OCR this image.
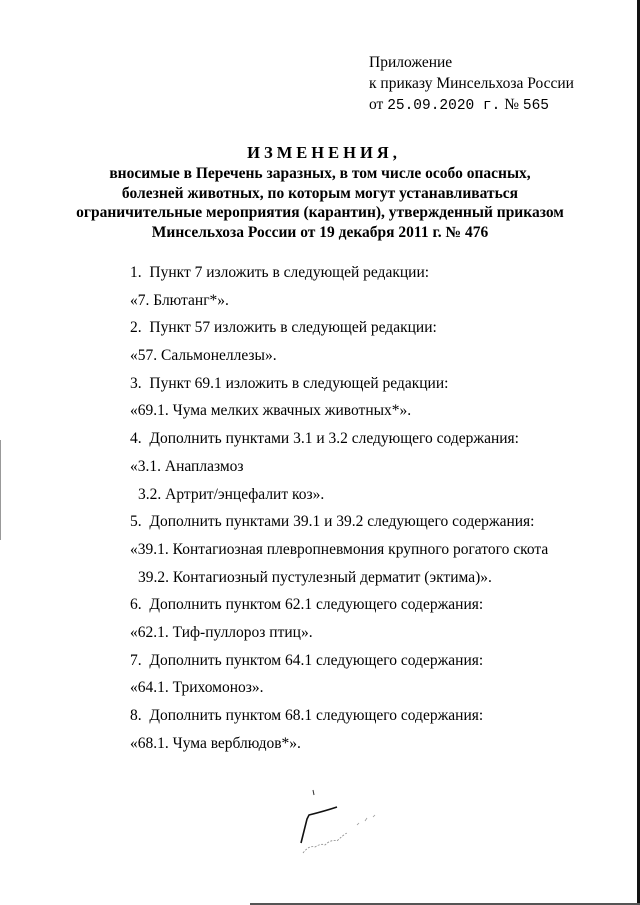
Приложение
к приказу Минсельхоза России
от 25.09.2020 г. № 565
ИЗМЕНЕНИЯ,
вносимые в Перечень заразных, в том числе особо опасных,
болезней животных, по которым могут устанавливаться
ограничительные мероприятия (карантин), утвержденный приказом
Минсельхоза России от 19 декабря 2011 г. № 476
1.  Пункт 7 изложить в следующей редакции:
«7. Блютанг*».
2.  Пункт 57 изложить в следующей редакции:
«57. Сальмонеллезы».
3.  Пункт 69.1 изложить в следующей редакции:
«69.1. Чума мелких жвачных животных*».
4.  Дополнить пунктами 3.1 и 3.2 следующего содержания:
«3.1. Анаплазмоз
3.2. Артрит/энцефалит коз».
5.  Дополнить пунктами 39.1 и 39.2 следующего содержания:
«39.1. Контагиозная плевропневмония крупного рогатого скота
39.2. Контагиозный пустулезный дерматит (эктима)».
6.  Дополнить пунктом 62.1 следующего содержания:
«62.1. Тиф-пуллороз птиц».
7.  Дополнить пунктом 64.1 следующего содержания:
«64.1. Трихомоноз».
8.  Дополнить пунктом 68.1 следующего содержания:
«68.1. Чума верблюдов*».
